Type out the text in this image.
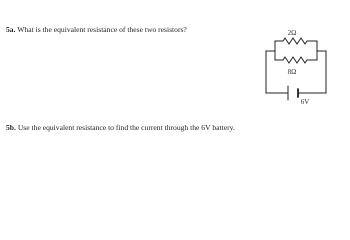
5a. What is the equivalent resistance of these two resistors?	2Ω
8Ω
6V
5b. Use the equivalent resistance to find the current through the 6V battery.
